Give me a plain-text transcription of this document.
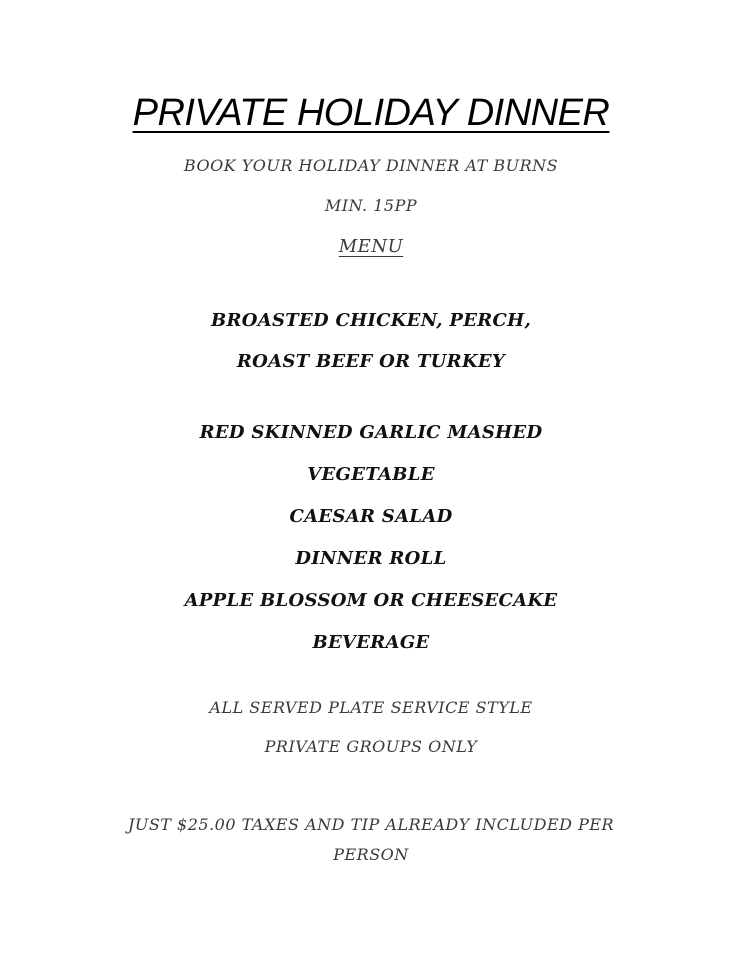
PRIVATE HOLIDAY DINNER
BOOK YOUR HOLIDAY DINNER AT BURNS
MIN. 15PP
MENU
BROASTED CHICKEN, PERCH,
ROAST BEEF OR TURKEY
RED SKINNED GARLIC MASHED
VEGETABLE
CAESAR SALAD
DINNER ROLL
APPLE BLOSSOM OR CHEESECAKE
BEVERAGE
ALL SERVED PLATE SERVICE STYLE
PRIVATE GROUPS ONLY
JUST $25.00 TAXES AND TIP ALREADY INCLUDED PER
PERSON
